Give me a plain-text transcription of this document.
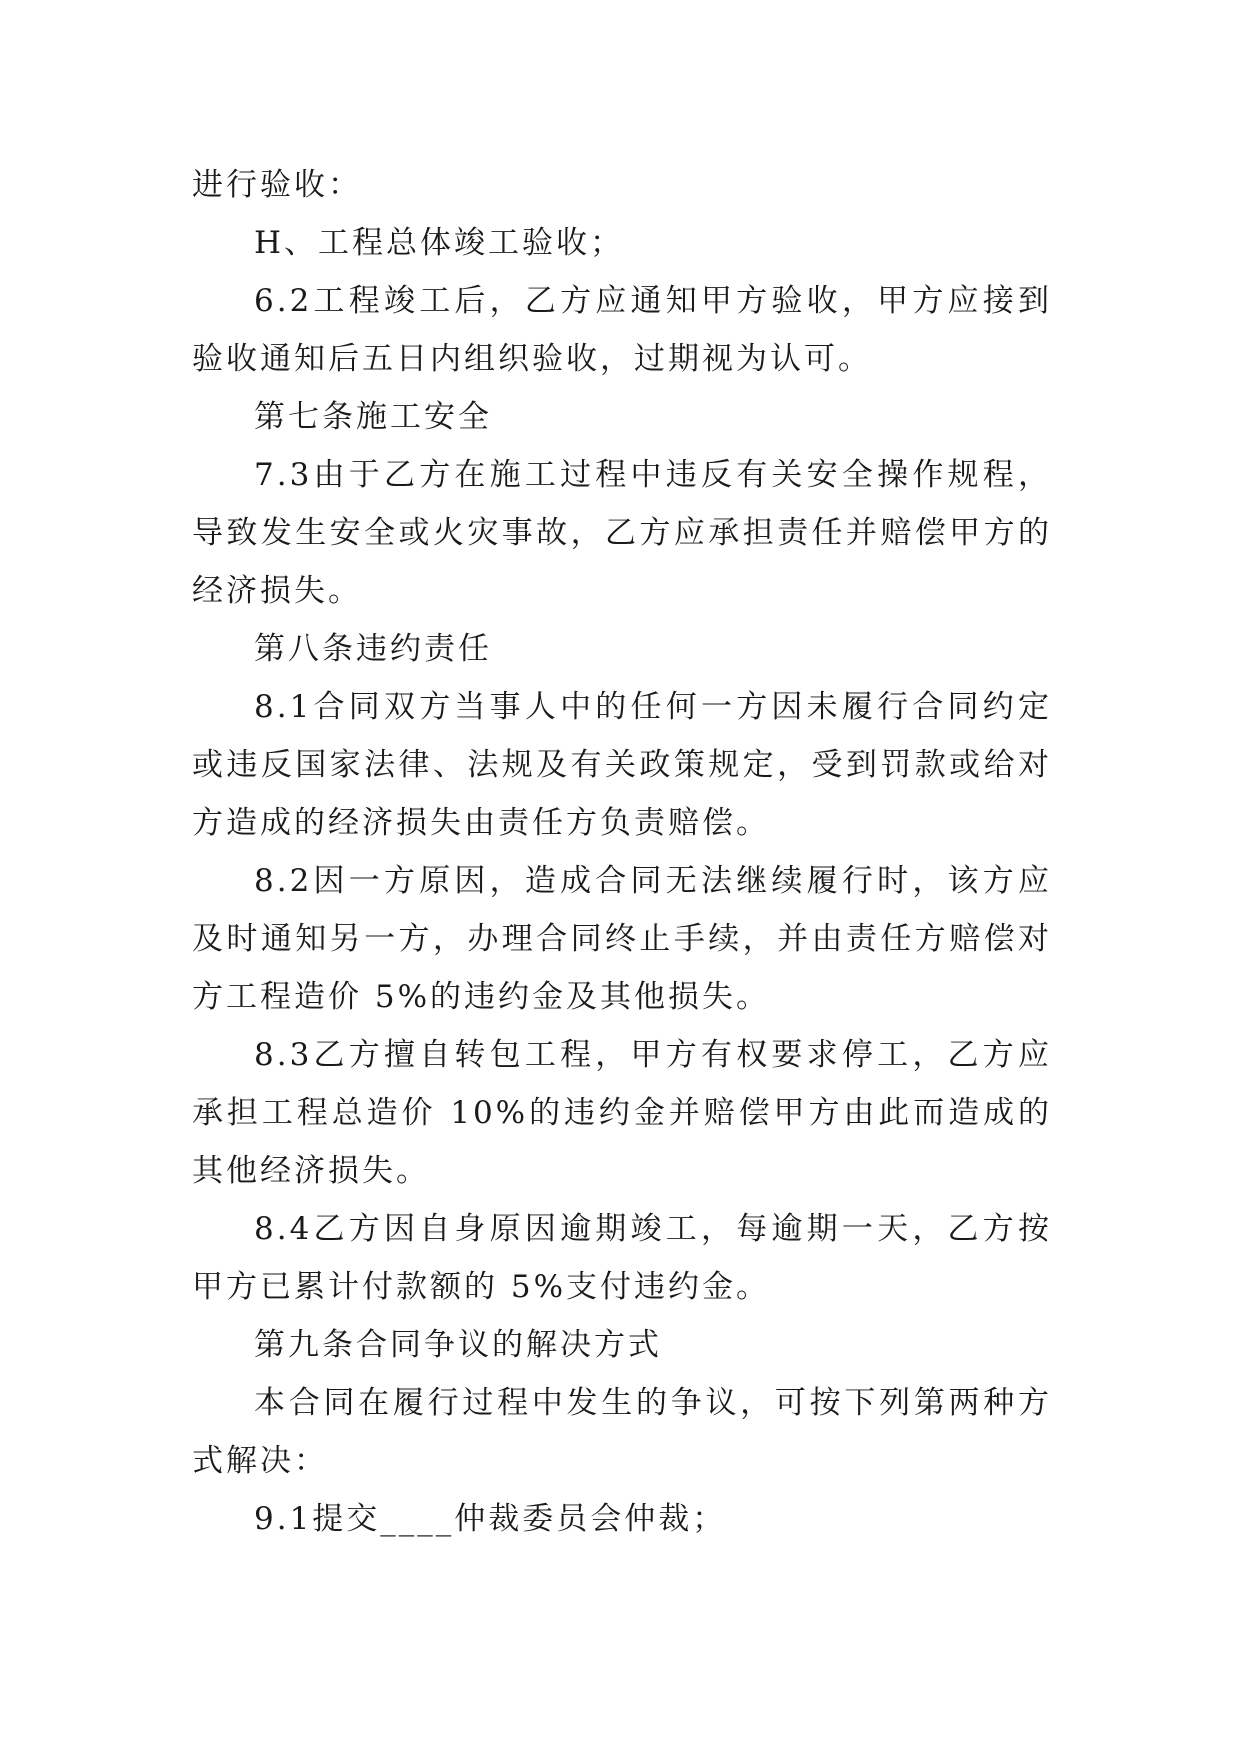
进行验收：

H、工程总体竣工验收；

6.2工程竣工后，乙方应通知甲方验收，甲方应接到验收通知后五日内组织验收，过期视为认可。

第七条施工安全

7.3由于乙方在施工过程中违反有关安全操作规程，导致发生安全或火灾事故，乙方应承担责任并赔偿甲方的经济损失。

第八条违约责任

8.1合同双方当事人中的任何一方因未履行合同约定或违反国家法律、法规及有关政策规定，受到罚款或给对方造成的经济损失由责任方负责赔偿。

8.2因一方原因，造成合同无法继续履行时，该方应及时通知另一方，办理合同终止手续，并由责任方赔偿对方工程造价 5%的违约金及其他损失。

8.3乙方擅自转包工程，甲方有权要求停工，乙方应承担工程总造价 10%的违约金并赔偿甲方由此而造成的其他经济损失。

8.4乙方因自身原因逾期竣工，每逾期一天，乙方按甲方已累计付款额的 5%支付违约金。

第九条合同争议的解决方式

本合同在履行过程中发生的争议，可按下列第两种方式解决：

9.1提交____仲裁委员会仲裁；
